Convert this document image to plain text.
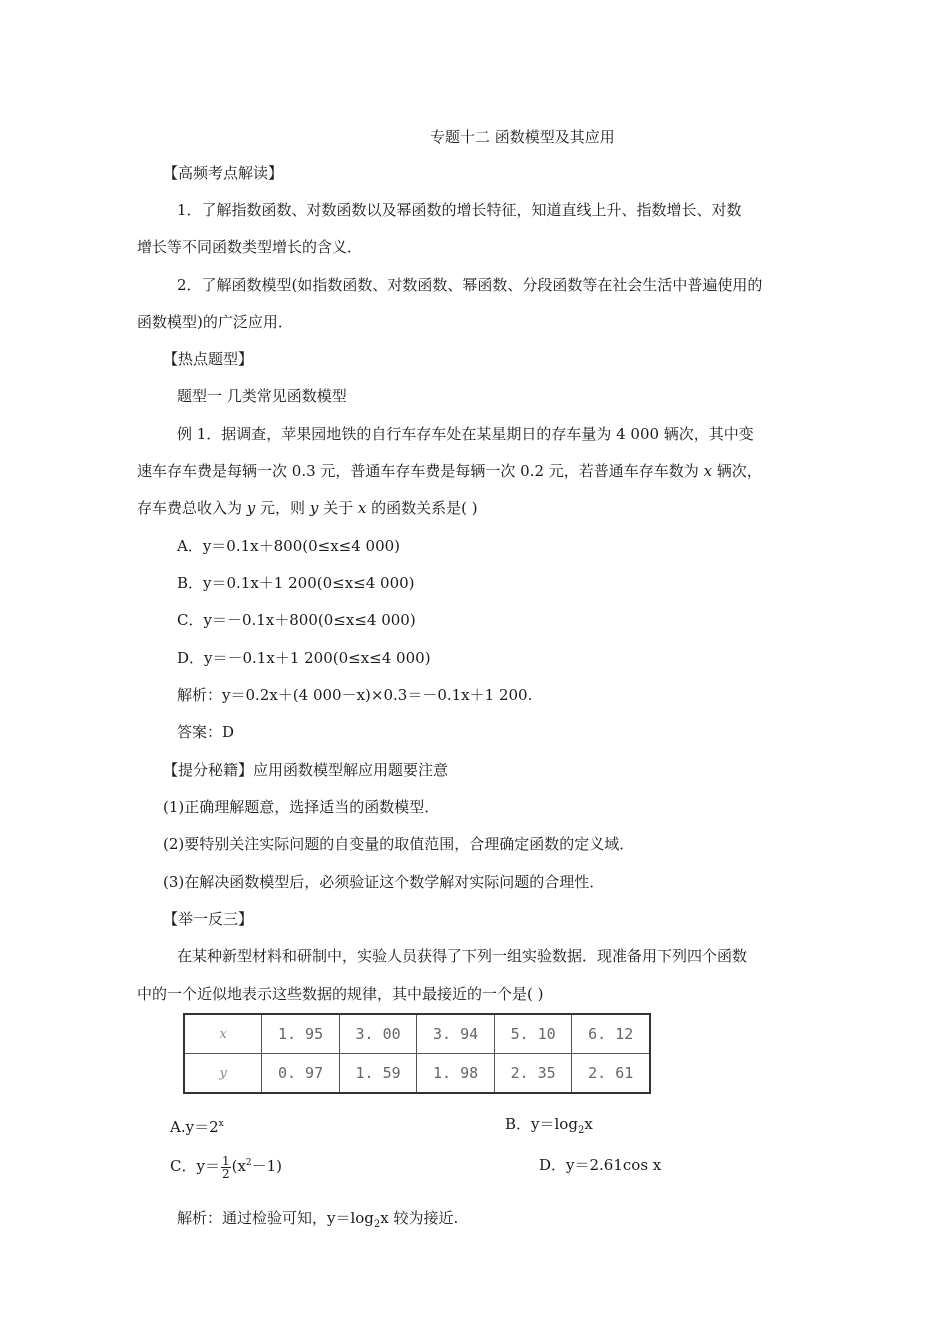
专题十二 函数模型及其应用
【高频考点解读】
1．了解指数函数、对数函数以及幂函数的增长特征，知道直线上升、指数增长、对数
增长等不同函数类型增长的含义．
2．了解函数模型(如指数函数、对数函数、幂函数、分段函数等在社会生活中普遍使用的
函数模型)的广泛应用．
【热点题型】
题型一 几类常见函数模型
例 1．据调查，苹果园地铁的自行车存车处在某星期日的存车量为 4 000 辆次，其中变
速车存车费是每辆一次 0.3 元，普通车存车费是每辆一次 0.2 元，若普通车存车数为 x 辆次，
存车费总收入为 y 元，则 y 关于 x 的函数关系是( )
A．y＝0.1x＋800(0≤x≤4 000)
B．y＝0.1x＋1 200(0≤x≤4 000)
C．y＝－0.1x＋800(0≤x≤4 000)
D．y＝－0.1x＋1 200(0≤x≤4 000)
解析：y＝0.2x＋(4 000－x)×0.3＝－0.1x＋1 200.
答案：D
【提分秘籍】应用函数模型解应用题要注意
(1)正确理解题意，选择适当的函数模型．
(2)要特别关注实际问题的自变量的取值范围，合理确定函数的定义域．
(3)在解决函数模型后，必须验证这个数学解对实际问题的合理性．
【举一反三】
在某种新型材料和研制中，实验人员获得了下列一组实验数据．现准备用下列四个函数
中的一个近似地表示这些数据的规律，其中最接近的一个是( )
x	1. 95	3. 00	3. 94	5. 10	6. 12
y	0. 97	1. 59	1. 98	2. 35	2. 61
$A.y=2^x$	B．$y=\log_2x$
C．$y= \frac{1}{2} (x^2-1)$	D．y＝2.61cos x
解析：通过检验可知，$y=\log_2x$ 较为接近.
